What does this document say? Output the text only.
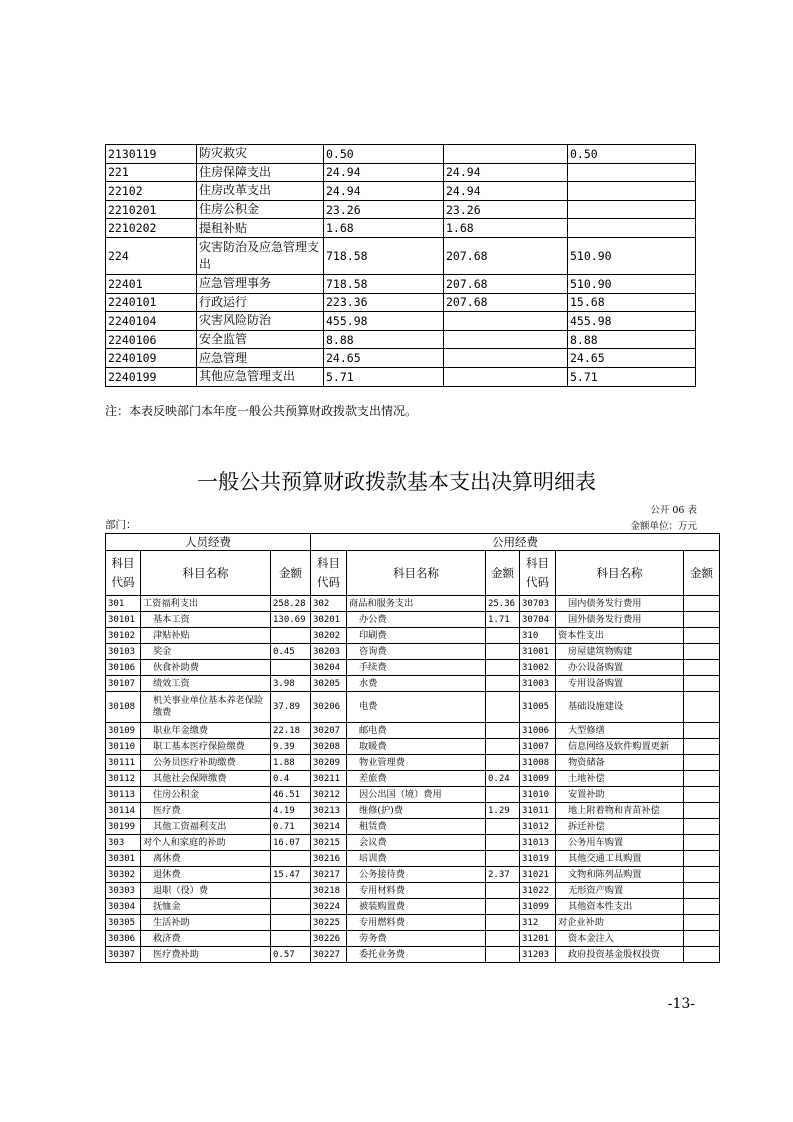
2130119	防灾救灾	0.50		0.50
221	住房保障支出	24.94	24.94	
22102	住房改革支出	24.94	24.94	
2210201	住房公积金	23.26	23.26	
2210202	提租补贴	1.68	1.68	
224	灾害防治及应急管理支出	718.58	207.68	510.90
22401	应急管理事务	718.58	207.68	510.90
2240101	行政运行	223.36	207.68	15.68
2240104	灾害风险防治	455.98		455.98
2240106	安全监管	8.88		8.88
2240109	应急管理	24.65		24.65
2240199	其他应急管理支出	5.71		5.71
注：本表反映部门本年度一般公共预算财政拨款支出情况。
一般公共预算财政拨款基本支出决算明细表
公开 06 表
部门：	金额单位：万元
人员经费			公用经费					
科目代码	科目名称	金额	科目代码	科目名称	金额	科目代码	科目名称	金额
301	工资福利支出	258.28	302	商品和服务支出	25.36	30703	国内债务发行费用	
30101	基本工资	130.69	30201	办公费	1.71	30704	国外债务发行费用	
30102	津贴补贴		30202	印刷费		310	资本性支出	
30103	奖金	0.45	30203	咨询费		31001	房屋建筑物购建	
30106	伙食补助费		30204	手续费		31002	办公设备购置	
30107	绩效工资	3.98	30205	水费		31003	专用设备购置	
30108	机关事业单位基本养老保险缴费	37.89	30206	电费		31005	基础设施建设	
30109	职业年金缴费	22.18	30207	邮电费		31006	大型修缮	
30110	职工基本医疗保险缴费	9.39	30208	取暖费		31007	信息网络及软件购置更新	
30111	公务员医疗补助缴费	1.88	30209	物业管理费		31008	物资储备	
30112	其他社会保障缴费	0.4	30211	差旅费	0.24	31009	土地补偿	
30113	住房公积金	46.51	30212	因公出国（境）费用		31010	安置补助	
30114	医疗费	4.19	30213	维修(护)费	1.29	31011	地上附着物和青苗补偿	
30199	其他工资福利支出	0.71	30214	租赁费		31012	拆迁补偿	
303	对个人和家庭的补助	16.07	30215	会议费		31013	公务用车购置	
30301	离休费		30216	培训费		31019	其他交通工具购置	
30302	退休费	15.47	30217	公务接待费	2.37	31021	文物和陈列品购置	
30303	退职（役）费		30218	专用材料费		31022	无形资产购置	
30304	抚恤金		30224	被装购置费		31099	其他资本性支出	
30305	生活补助		30225	专用燃料费		312	对企业补助	
30306	救济费		30226	劳务费		31201	资本金注入	
30307	医疗费补助	0.57	30227	委托业务费		31203	政府投资基金股权投资	
-13-
